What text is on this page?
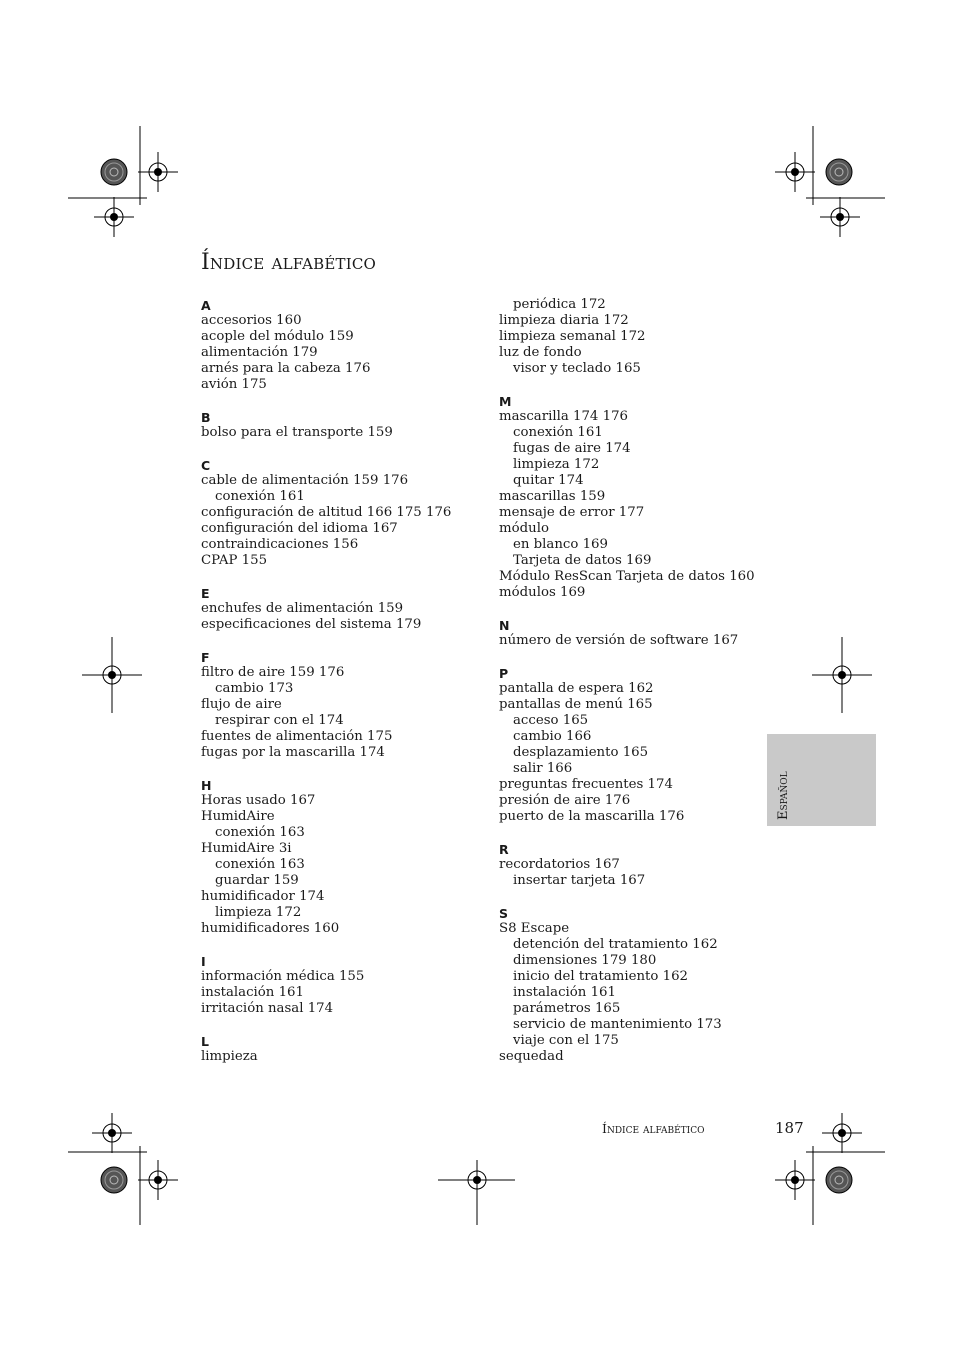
Índice alfabético
A
accesorios 160
acople del módulo 159
alimentación 179
arnés para la cabeza 176
avión 175
B
bolso para el transporte 159
C
cable de alimentación 159 176
conexión 161
configuración de altitud 166 175 176
configuración del idioma 167
contraindicaciones 156
CPAP 155
E
enchufes de alimentación 159
especificaciones del sistema 179
F
filtro de aire 159 176
cambio 173
flujo de aire
respirar con el 174
fuentes de alimentación 175
fugas por la mascarilla 174
H
Horas usado 167
HumidAire
conexión 163
HumidAire 3i
conexión 163
guardar 159
humidificador 174
limpieza 172
humidificadores 160
I
información médica 155
instalación 161
irritación nasal 174
L
limpieza
periódica 172
limpieza diaria 172
limpieza semanal 172
luz de fondo
visor y teclado 165
M
mascarilla 174 176
conexión 161
fugas de aire 174
limpieza 172
quitar 174
mascarillas 159
mensaje de error 177
módulo
en blanco 169
Tarjeta de datos 169
Módulo ResScan Tarjeta de datos 160
módulos 169
N
número de versión de software 167
P
pantalla de espera 162
pantallas de menú 165
acceso 165
cambio 166
desplazamiento 165
salir 166
preguntas frecuentes 174
presión de aire 176
puerto de la mascarilla 176
R
recordatorios 167
insertar tarjeta 167
S
S8 Escape
detención del tratamiento 162
dimensiones 179 180
inicio del tratamiento 162
instalación 161
parámetros 165
servicio de mantenimiento 173
viaje con el 175
sequedad
Español
Índice alfabético	187
